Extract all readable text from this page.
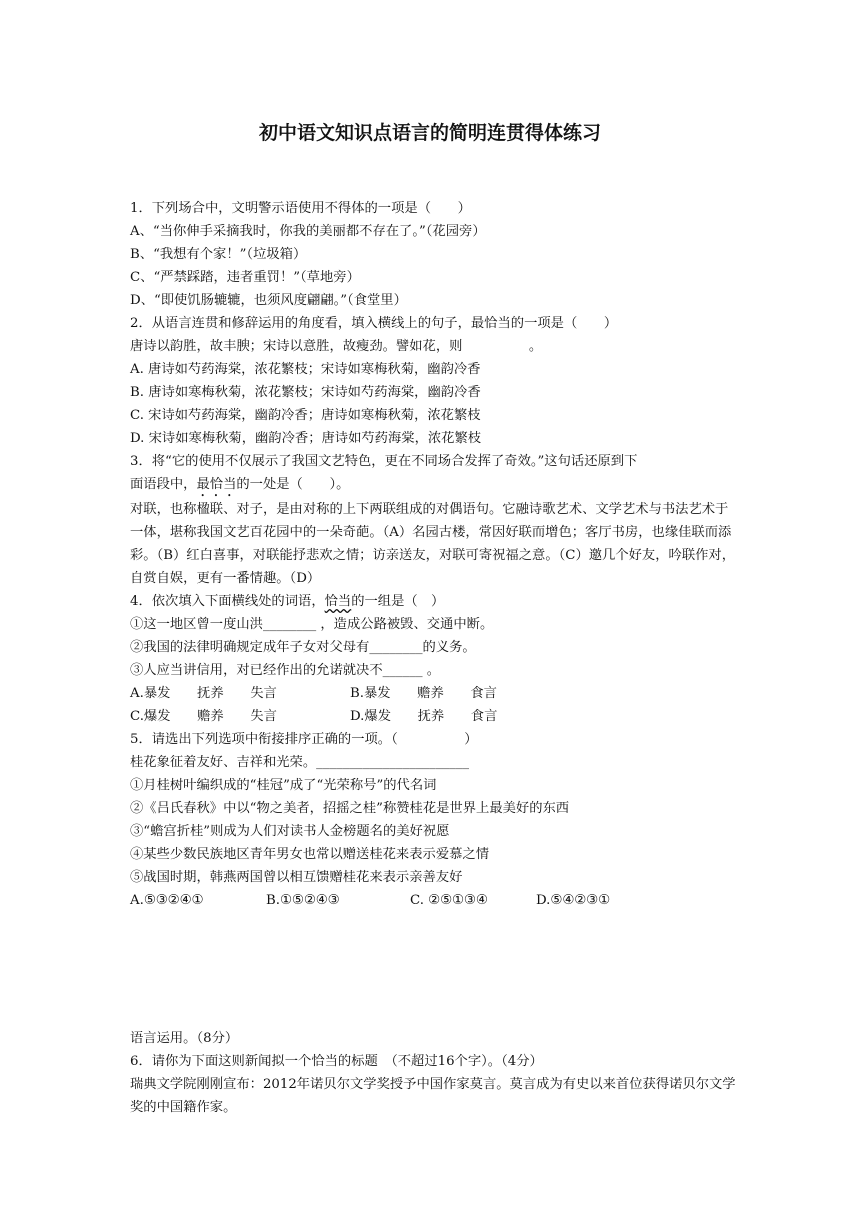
初中语文知识点语言的简明连贯得体练习
1．下列场合中，文明警示语使用不得体的一项是（　　）
A、“当你伸手采摘我时，你我的美丽都不存在了。”（花园旁）
B、“我想有个家！”（垃圾箱）
C、“严禁踩踏，违者重罚！”（草地旁）
D、“即使饥肠辘辘，也须风度翩翩。”（食堂里）
2．从语言连贯和修辞运用的角度看，填入横线上的句子，最恰当的一项是（　　）
唐诗以韵胜，故丰腴；宋诗以意胜，故瘦劲。譬如花，则　　　　　。
A. 唐诗如芍药海棠，浓花繁枝；宋诗如寒梅秋菊，幽韵冷香
B. 唐诗如寒梅秋菊，浓花繁枝；宋诗如芍药海棠，幽韵冷香
C. 宋诗如芍药海棠，幽韵冷香；唐诗如寒梅秋菊，浓花繁枝
D. 宋诗如寒梅秋菊，幽韵冷香；唐诗如芍药海棠，浓花繁枝
3．将“它的使用不仅展示了我国文艺特色，更在不同场合发挥了奇效。”这句话还原到下
面语段中，最恰当的一处是（　　）。
对联，也称楹联、对子，是由对称的上下两联组成的对偶语句。它融诗歌艺术、文学艺术与书法艺术于一体，堪称我国文艺百花园中的一朵奇葩。（A）名园古楼，常因好联而增色；客厅书房，也缘佳联而添彩。（B）红白喜事，对联能抒悲欢之情；访亲送友，对联可寄祝福之意。（C）邀几个好友，吟联作对，自赏自娱，更有一番情趣。（D）
4．依次填入下面横线处的词语，恰当的一组是（　）
①这一地区曾一度山洪________ ，造成公路被毁、交通中断。
②我国的法律明确规定成年子女对父母有________的义务。
③人应当讲信用，对已经作出的允诺就决不______ 。
A.暴发　　抚养　　失言	B.暴发　　赡养　　食言
C.爆发　　赡养　　失言	D.爆发　　抚养　　食言
5．请选出下列选项中衔接排序正确的一项。（　　　　　）
桂花象征着友好、吉祥和光荣。_______________________
①月桂树叶编织成的“桂冠”成了“光荣称号”的代名词
②《吕氏春秋》中以“物之美者，招摇之桂”称赞桂花是世界上最美好的东西
③“蟾宫折桂”则成为人们对读书人金榜题名的美好祝愿
④某些少数民族地区青年男女也常以赠送桂花来表示爱慕之情
⑤战国时期，韩燕两国曾以相互馈赠桂花来表示亲善友好
A.⑤③②④①	B.①⑤②④③	C. ②⑤①③④	D.⑤④②③①
语言运用。（8分）
6．请你为下面这则新闻拟一个恰当的标题　（不超过16个字）。（4分）
瑞典文学院刚刚宣布：2012年诺贝尔文学奖授予中国作家莫言。莫言成为有史以来首位获得诺贝尔文学奖的中国籍作家。
